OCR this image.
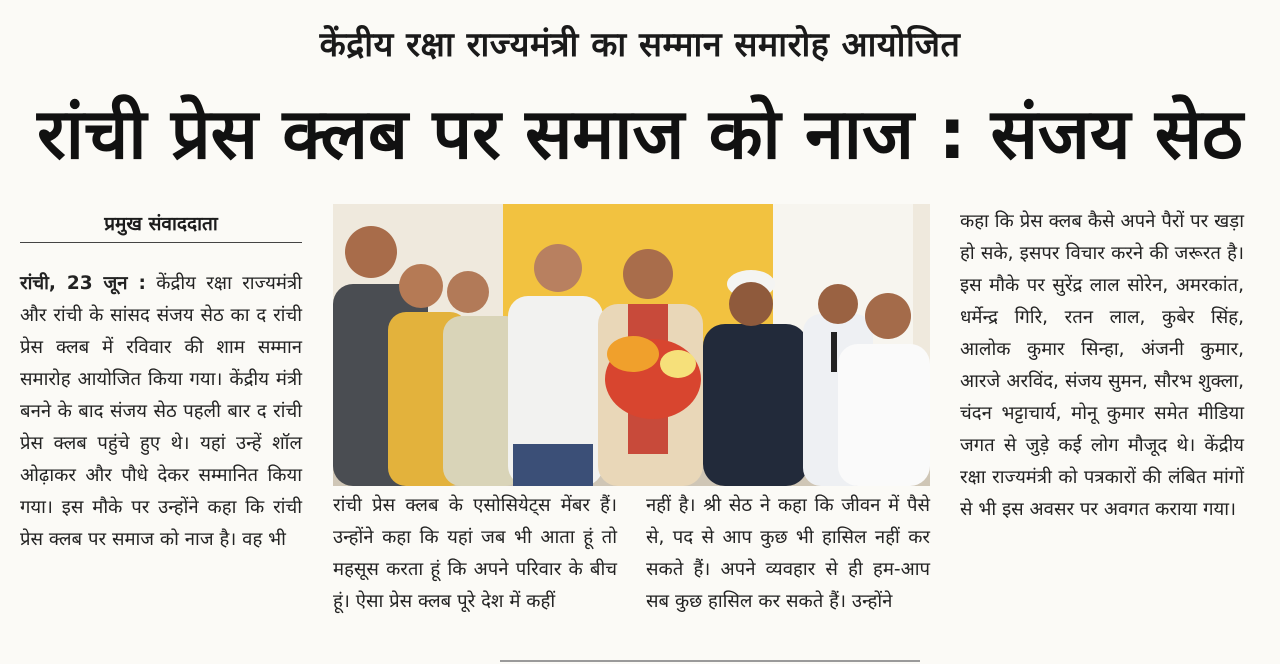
केंद्रीय रक्षा राज्यमंत्री का सम्मान समारोह आयोजित
रांची प्रेस क्लब पर समाज को नाज : संजय सेठ
प्रमुख संवाददाता

रांची, 23 जून : केंद्रीय रक्षा राज्यमंत्री और रांची के सांसद संजय सेठ का द रांची प्रेस क्लब में रविवार की शाम सम्मान समारोह आयोजित किया गया। केंद्रीय मंत्री बनने के बाद संजय सेठ पहली बार द रांची प्रेस क्लब पहुंचे हुए थे। यहां उन्हें शॉल ओढ़ाकर और पौधे देकर सम्मानित किया गया। इस मौके पर उन्होंने कहा कि रांची प्रेस क्लब पर समाज को नाज है। वह भी

रांची प्रेस क्लब के एसोसियेट्स मेंबर हैं। उन्होंने कहा कि यहां जब भी आता हूं तो महसूस करता हूं कि अपने परिवार के बीच हूं। ऐसा प्रेस क्लब पूरे देश में कहीं

नहीं है। श्री सेठ ने कहा कि जीवन में पैसे से, पद से आप कुछ भी हासिल नहीं कर सकते हैं। अपने व्यवहार से ही हम-आप सब कुछ हासिल कर सकते हैं। उन्होंने

कहा कि प्रेस क्लब कैसे अपने पैरों पर खड़ा हो सके, इसपर विचार करने की जरूरत है। इस मौके पर सुरेंद्र लाल सोरेन, अमरकांत, धर्मेन्द्र गिरि, रतन लाल, कुबेर सिंह, आलोक कुमार सिन्हा, अंजनी कुमार, आरजे अरविंद, संजय सुमन, सौरभ शुक्ला, चंदन भट्टाचार्य, मोनू कुमार समेत मीडिया जगत से जुड़े कई लोग मौजूद थे। केंद्रीय रक्षा राज्यमंत्री को पत्रकारों की लंबित मांगों से भी इस अवसर पर अवगत कराया गया।
